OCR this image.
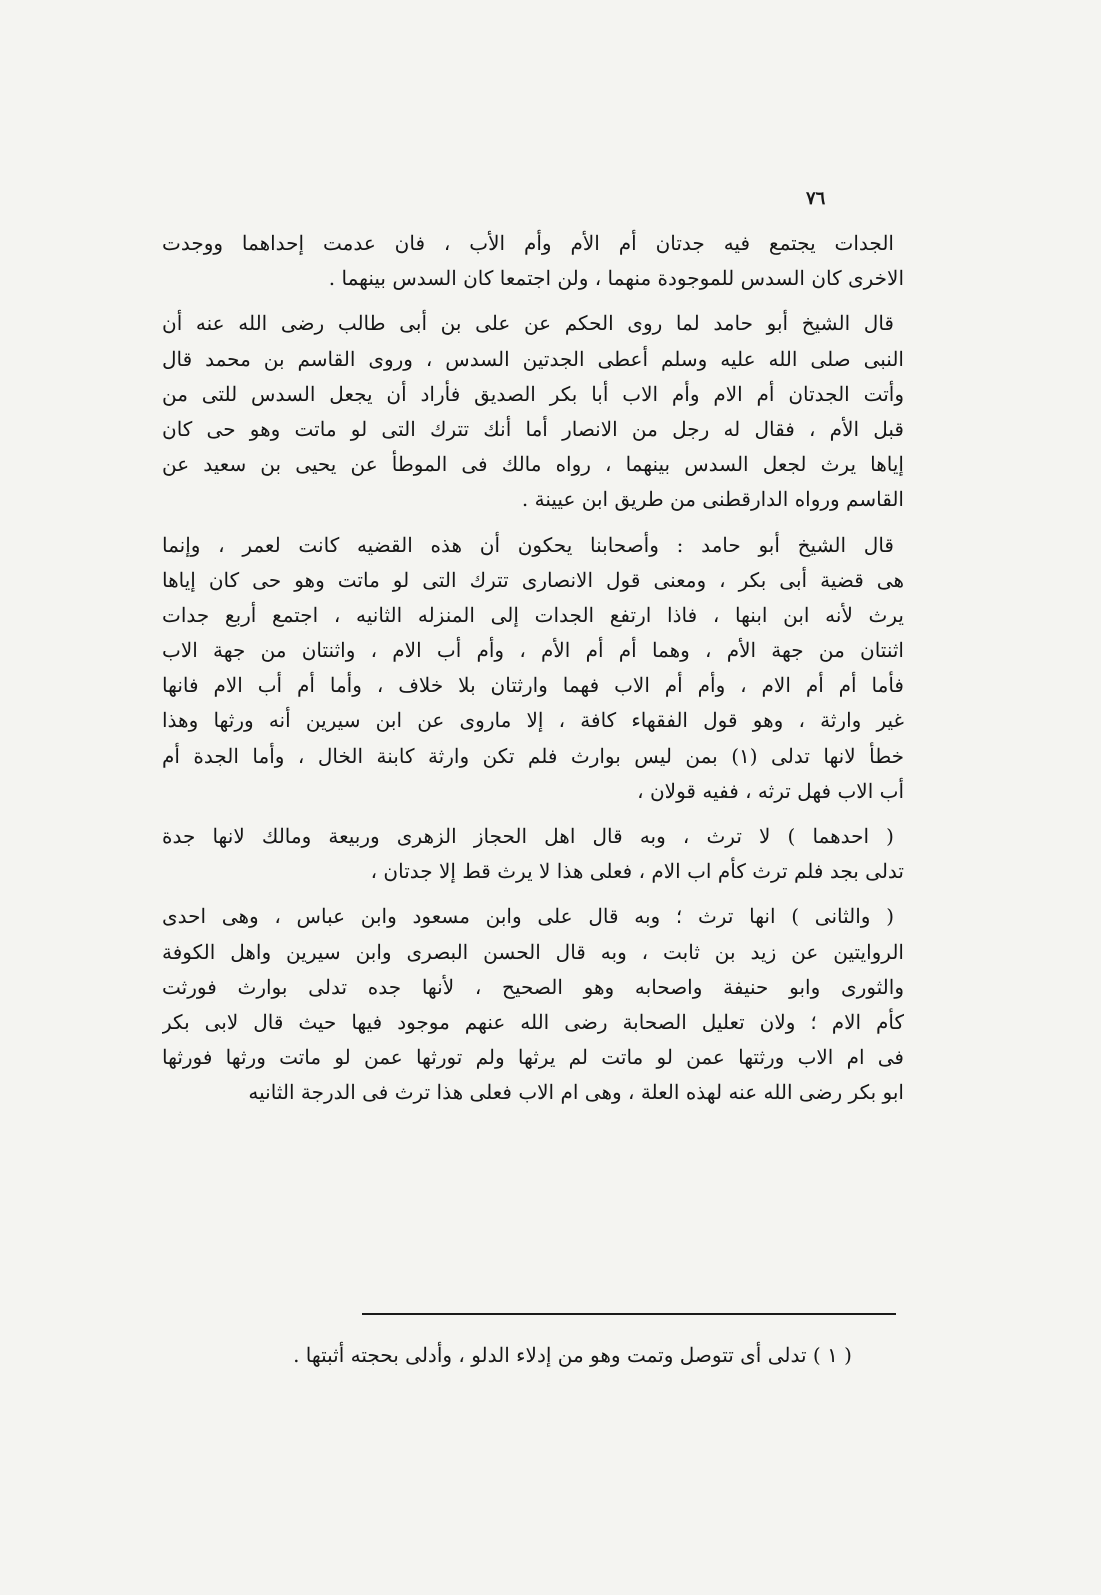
٧٦
الجدات يجتمع فيه جدتان أم الأم وأم الأب ، فان عدمت إحداهما ووجدت
الاخرى كان السدس للموجودة منهما ، ولن اجتمعا كان السدس بينهما .
قال الشيخ أبو حامد لما روى الحكم عن على بن أبى طالب رضى الله عنه أن
النبى صلى الله عليه وسلم أعطى الجدتين السدس ، وروى القاسم بن محمد قال
وأتت الجدتان أم الام وأم الاب أبا بكر الصديق فأراد أن يجعل السدس للتى من
قبل الأم ، فقال له رجل من الانصار أما أنك تترك التى لو ماتت وهو حى كان
إياها يرث لجعل السدس بينهما ، رواه مالك فى الموطأ عن يحيى بن سعيد عن
القاسم ورواه الدارقطنى من طريق ابن عيينة .
قال الشيخ أبو حامد : وأصحابنا يحكون أن هذه القضيه كانت لعمر ، وإنما
هى قضية أبى بكر ، ومعنى قول الانصارى تترك التى لو ماتت وهو حى كان إياها
يرث لأنه ابن ابنها ، فاذا ارتفع الجدات إلى المنزله الثانيه ، اجتمع أربع جدات
اثنتان من جهة الأم ، وهما أم أم الأم ، وأم أب الام ، واثنتان من جهة الاب
فأما أم أم الام ، وأم أم الاب فهما وارثتان بلا خلاف ، وأما أم أب الام فانها
غير وارثة ، وهو قول الفقهاء كافة ، إلا ماروى عن ابن سيرين أنه ورثها وهذا
خطأ لانها تدلى (١) بمن ليس بوارث فلم تكن وارثة كابنة الخال ، وأما الجدة أم
أب الاب فهل ترثه ، ففيه قولان ،
( احدهما ) لا ترث ، وبه قال اهل الحجاز الزهرى وربيعة ومالك لانها جدة
تدلى بجد فلم ترث كأم اب الام ، فعلى هذا لا يرث قط إلا جدتان ،
( والثانى ) انها ترث ؛ وبه قال على وابن مسعود وابن عباس ، وهى احدى
الروايتين عن زيد بن ثابت ، وبه قال الحسن البصرى وابن سيرين واهل الكوفة
والثورى وابو حنيفة واصحابه وهو الصحيح ، لأنها جده تدلى بوارث فورثت
كأم الام ؛ ولان تعليل الصحابة رضى الله عنهم موجود فيها حيث قال لابى بكر
فى ام الاب ورثتها عمن لو ماتت لم يرثها ولم تورثها عمن لو ماتت ورثها فورثها
ابو بكر رضى الله عنه لهذه العلة ، وهى ام الاب فعلى هذا ترث فى الدرجة الثانيه
( ١ ) تدلى أى تتوصل وتمت وهو من إدلاء الدلو ، وأدلى بحجته أثبتها .
